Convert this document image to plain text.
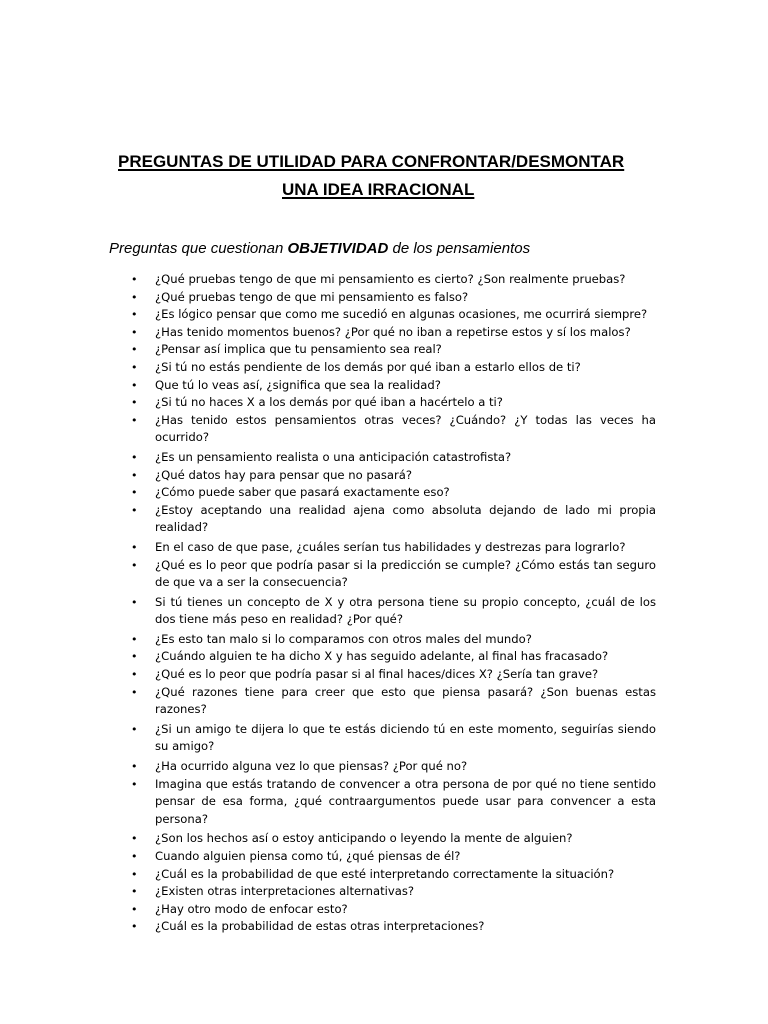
PREGUNTAS DE UTILIDAD PARA CONFRONTAR/DESMONTAR
UNA IDEA IRRACIONAL
Preguntas que cuestionan OBJETIVIDAD de los pensamientos
• ¿Qué pruebas tengo de que mi pensamiento es cierto? ¿Son realmente pruebas?
• ¿Qué pruebas tengo de que mi pensamiento es falso?
• ¿Es lógico pensar que como me sucedió en algunas ocasiones, me ocurrirá siempre?
• ¿Has tenido momentos buenos? ¿Por qué no iban a repetirse estos y sí los malos?
• ¿Pensar así implica que tu pensamiento sea real?
• ¿Si tú no estás pendiente de los demás por qué iban a estarlo ellos de ti?
• Que tú lo veas así, ¿significa que sea la realidad?
• ¿Si tú no haces X a los demás por qué iban a hacértelo a ti?
• ¿Has tenido estos pensamientos otras veces? ¿Cuándo? ¿Y todas las veces ha ocurrido?
• ¿Es un pensamiento realista o una anticipación catastrofista?
• ¿Qué datos hay para pensar que no pasará?
• ¿Cómo puede saber que pasará exactamente eso?
• ¿Estoy aceptando una realidad ajena como absoluta dejando de lado mi propia realidad?
• En el caso de que pase, ¿cuáles serían tus habilidades y destrezas para lograrlo?
• ¿Qué es lo peor que podría pasar si la predicción se cumple? ¿Cómo estás tan seguro de que va a ser la consecuencia?
• Si tú tienes un concepto de X y otra persona tiene su propio concepto, ¿cuál de los dos tiene más peso en realidad? ¿Por qué?
• ¿Es esto tan malo si lo comparamos con otros males del mundo?
• ¿Cuándo alguien te ha dicho X y has seguido adelante, al final has fracasado?
• ¿Qué es lo peor que podría pasar si al final haces/dices X? ¿Sería tan grave?
• ¿Qué razones tiene para creer que esto que piensa pasará? ¿Son buenas estas razones?
• ¿Si un amigo te dijera lo que te estás diciendo tú en este momento, seguirías siendo su amigo?
• ¿Ha ocurrido alguna vez lo que piensas? ¿Por qué no?
• Imagina que estás tratando de convencer a otra persona de por qué no tiene sentido pensar de esa forma, ¿qué contraargumentos puede usar para convencer a esta persona?
• ¿Son los hechos así o estoy anticipando o leyendo la mente de alguien?
• Cuando alguien piensa como tú, ¿qué piensas de él?
• ¿Cuál es la probabilidad de que esté interpretando correctamente la situación?
• ¿Existen otras interpretaciones alternativas?
• ¿Hay otro modo de enfocar esto?
• ¿Cuál es la probabilidad de estas otras interpretaciones?
